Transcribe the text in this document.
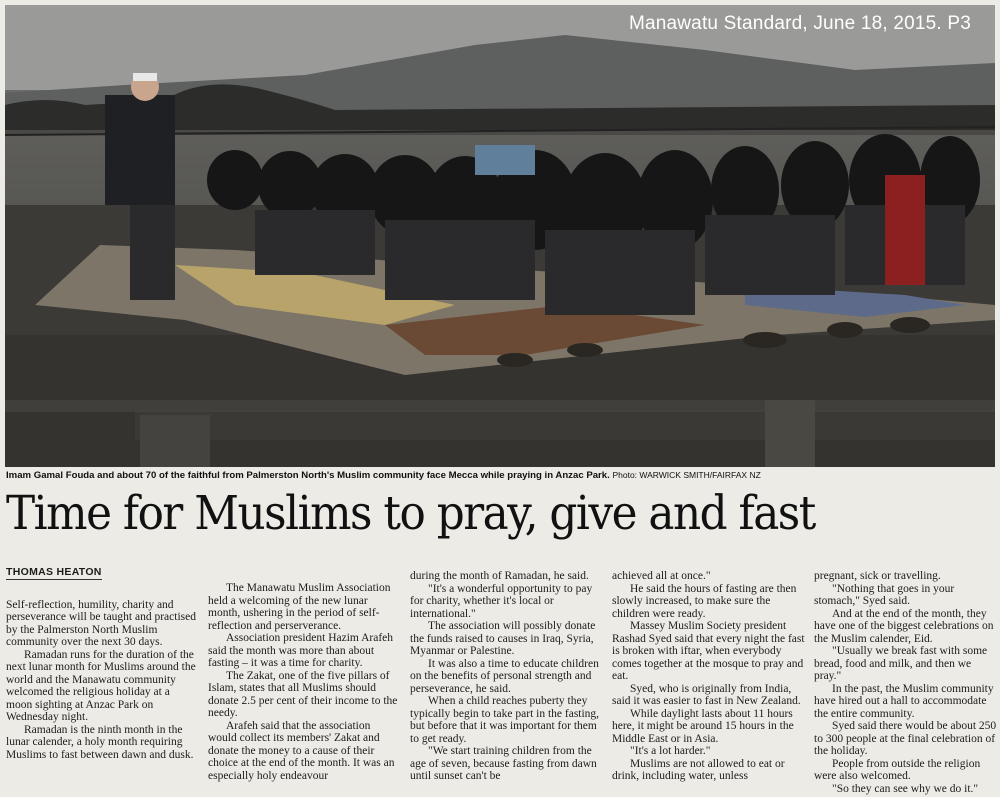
Manawatu Standard, June 18, 2015. P3
Imam Gamal Fouda and about 70 of the faithful from Palmerston North's Muslim community face Mecca while praying in Anzac Park. Photo: WARWICK SMITH/FAIRFAX NZ
Time for Muslims to pray, give and fast
THOMAS HEATON

Self-reflection, humility, charity and perseverance will be taught and practised by the Palmerston North Muslim community over the next 30 days.

Ramadan runs for the duration of the next lunar month for Muslims around the world and the Manawatu community welcomed the religious holiday at a moon sighting at Anzac Park on Wednesday night.

Ramadan is the ninth month in the lunar calender, a holy month requiring Muslims to fast between dawn and dusk.

The Manawatu Muslim Association held a welcoming of the new lunar month, ushering in the period of self-reflection and perserverance.

Association president Hazim Arafeh said the month was more than about fasting – it was a time for charity.

The Zakat, one of the five pillars of Islam, states that all Muslims should donate 2.5 per cent of their income to the needy.

Arafeh said that the association would collect its members' Zakat and donate the money to a cause of their choice at the end of the month. It was an especially holy endeavour

during the month of Ramadan, he said.

"It's a wonderful opportunity to pay for charity, whether it's local or international."

The association will possibly donate the funds raised to causes in Iraq, Syria, Myanmar or Palestine.

It was also a time to educate children on the benefits of personal strength and perseverance, he said.

When a child reaches puberty they typically begin to take part in the fasting, but before that it was important for them to get ready.

"We start training children from the age of seven, because fasting from dawn until sunset can't be

achieved all at once."

He said the hours of fasting are then slowly increased, to make sure the children were ready.

Massey Muslim Society president Rashad Syed said that every night the fast is broken with iftar, when everybody comes together at the mosque to pray and eat.

Syed, who is originally from India, said it was easier to fast in New Zealand.

While daylight lasts about 11 hours here, it might be around 15 hours in the Middle East or in Asia.

"It's a lot harder."

Muslims are not allowed to eat or drink, including water, unless

pregnant, sick or travelling.

"Nothing that goes in your stomach," Syed said.

And at the end of the month, they have one of the biggest celebrations on the Muslim calender, Eid.

"Usually we break fast with some bread, food and milk, and then we pray."

In the past, the Muslim community have hired out a hall to accommodate the entire community.

Syed said there would be about 250 to 300 people at the final celebration of the holiday.

People from outside the religion were also welcomed.

"So they can see why we do it."
